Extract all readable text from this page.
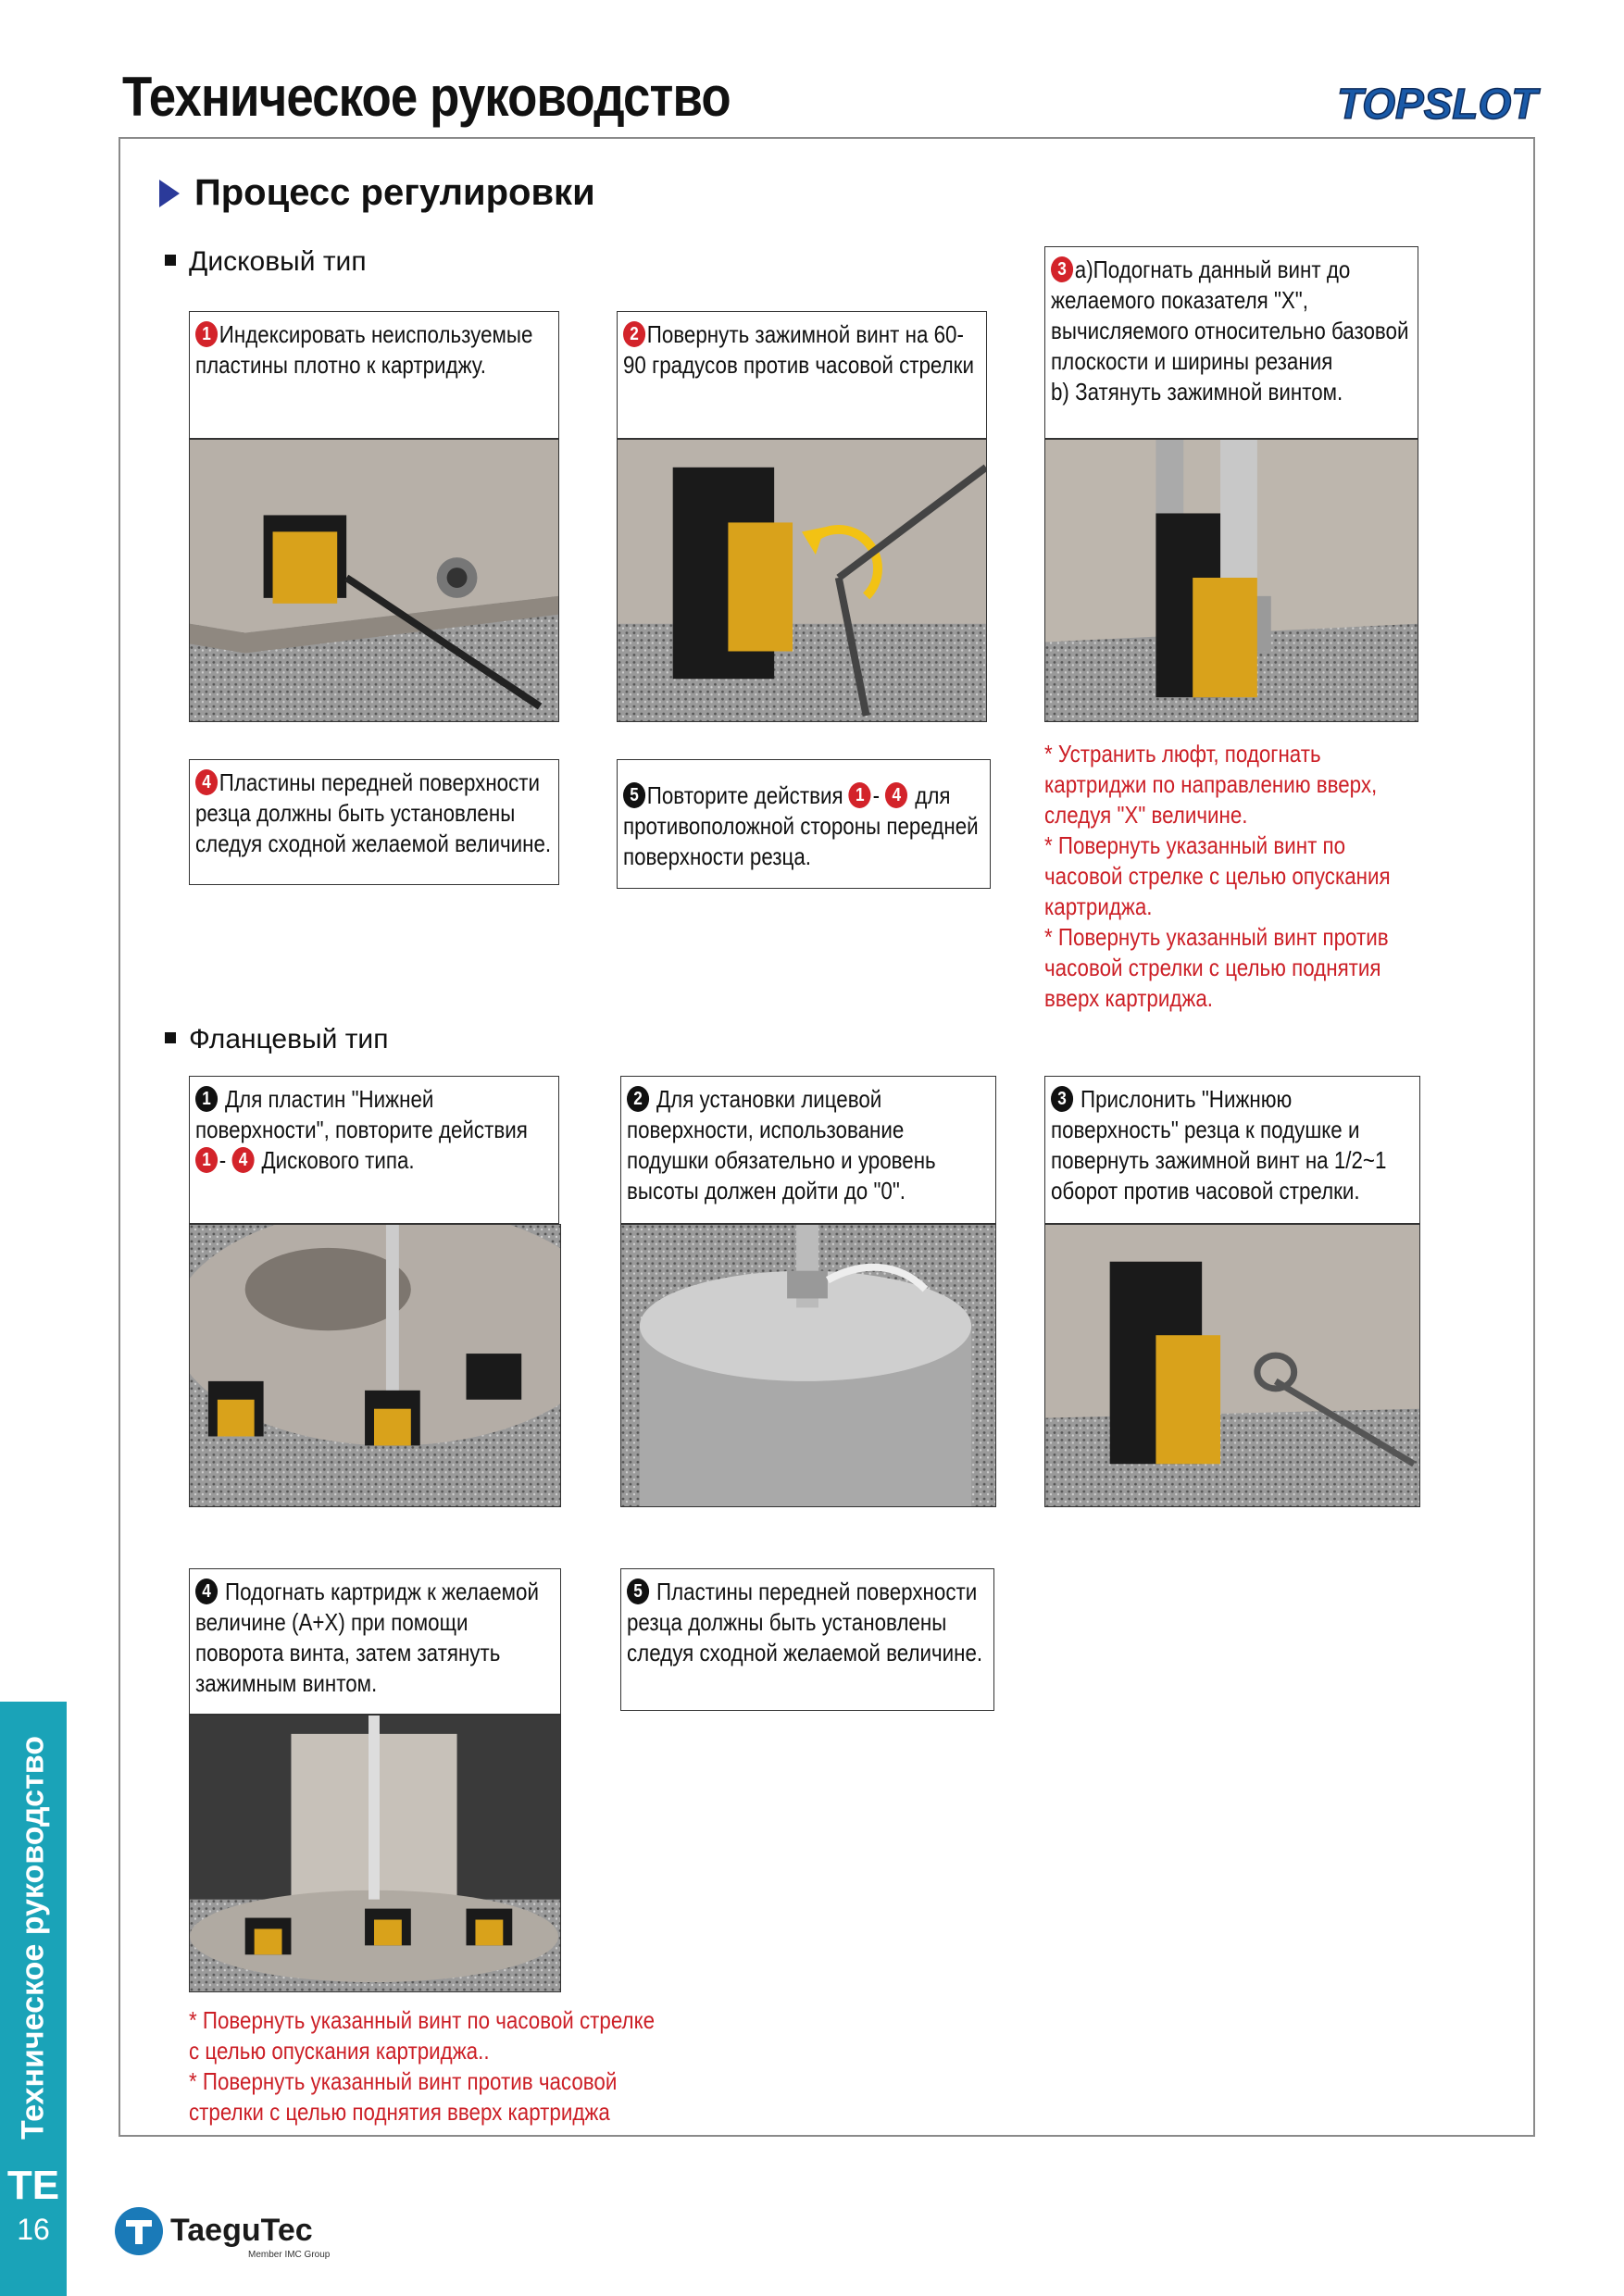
Техническое руководство	TOPSLOT
Процесс регулировки
Дисковый тип
1 Индексировать неиспользуемые пластины плотно к картриджу.
2 Повернуть зажимной винт на 60-90 градусов против часовой стрелки
3 a)Подогнать данный винт до желаемого показателя "X", вычисляемого относительно базовой плоскости и ширины резания
b) Затянуть зажимной винтом.
4 Пластины передней поверхности резца должны быть установлены следуя сходной желаемой величине.
5 Повторите действия 1 - 4 для противоположной стороны передней поверхности резца.
* Устранить люфт, подогнать картриджи по направлению вверх, следуя "X" величине.
* Повернуть указанный винт по часовой стрелке с целью опускания картриджа.
* Повернуть указанный винт против часовой стрелки с целью поднятия вверх картриджа.
Фланцевый тип
1 Для пластин "Нижней поверхности", повторите действия
1 - 4 Дискового типа.
2 Для установки лицевой поверхности, использование подушки обязательно и уровень высоты должен дойти до "0".
3 Прислонить "Нижнюю поверхность" резца к подушке и повернуть зажимной винт на 1/2~1 оборот против часовой стрелки.
4 Подогнать картридж к желаемой величине (A+X) при помощи поворота винта, затем затянуть зажимным винтом.
5 Пластины передней поверхности резца должны быть установлены следуя сходной желаемой величине.
* Повернуть указанный винт по часовой стрелке с целью опускания картриджа..
* Повернуть указанный винт против часовой стрелки с целью поднятия вверх картриджа
Техническое руководство
TE
16	TaeguTec
Member IMC Group
